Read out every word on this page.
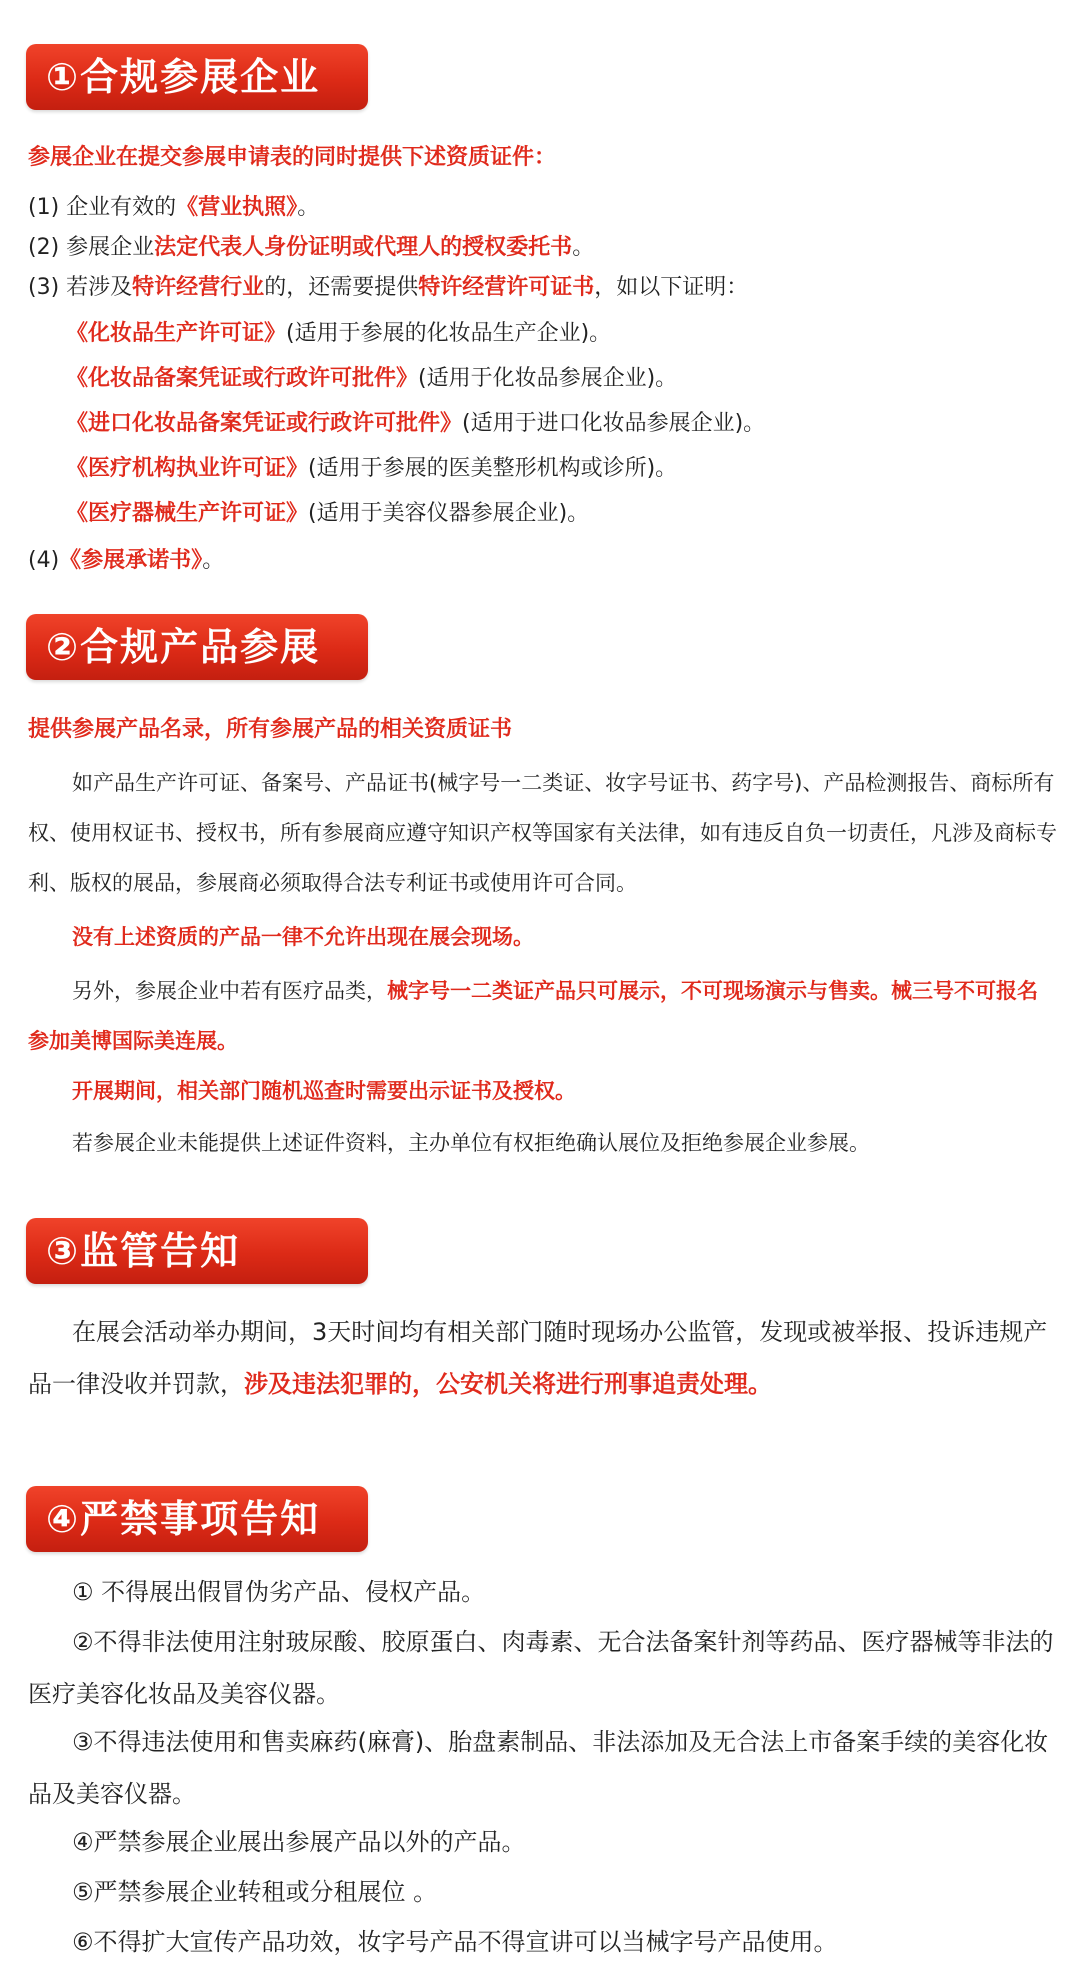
①合规参展企业
参展企业在提交参展申请表的同时提供下述资质证件：
(1) 企业有效的《营业执照》。
(2) 参展企业法定代表人身份证明或代理人的授权委托书。
(3) 若涉及特许经营行业的，还需要提供特许经营许可证书，如以下证明：
《化妆品生产许可证》(适用于参展的化妆品生产企业)。
《化妆品备案凭证或行政许可批件》(适用于化妆品参展企业)。
《进口化妆品备案凭证或行政许可批件》(适用于进口化妆品参展企业)。
《医疗机构执业许可证》(适用于参展的医美整形机构或诊所)。
《医疗器械生产许可证》(适用于美容仪器参展企业)。
(4)《参展承诺书》。
②合规产品参展
提供参展产品名录，所有参展产品的相关资质证书
如产品生产许可证、备案号、产品证书(械字号一二类证、妆字号证书、药字号)、产品检测报告、商标所有权、使用权证书、授权书，所有参展商应遵守知识产权等国家有关法律，如有违反自负一切责任，凡涉及商标专利、版权的展品，参展商必须取得合法专利证书或使用许可合同。
没有上述资质的产品一律不允许出现在展会现场。
另外，参展企业中若有医疗品类，械字号一二类证产品只可展示，不可现场演示与售卖。械三号不可报名参加美博国际美连展。
开展期间，相关部门随机巡查时需要出示证书及授权。
若参展企业未能提供上述证件资料，主办单位有权拒绝确认展位及拒绝参展企业参展。
③监管告知
在展会活动举办期间，3天时间均有相关部门随时现场办公监管，发现或被举报、投诉违规产品一律没收并罚款，涉及违法犯罪的，公安机关将进行刑事追责处理。
④严禁事项告知
① 不得展出假冒伪劣产品、侵权产品。
②不得非法使用注射玻尿酸、胶原蛋白、肉毒素、无合法备案针剂等药品、医疗器械等非法的医疗美容化妆品及美容仪器。
③不得违法使用和售卖麻药(麻膏)、胎盘素制品、非法添加及无合法上市备案手续的美容化妆品及美容仪器。
④严禁参展企业展出参展产品以外的产品。
⑤严禁参展企业转租或分租展位 。
⑥不得扩大宣传产品功效，妆字号产品不得宣讲可以当械字号产品使用。
